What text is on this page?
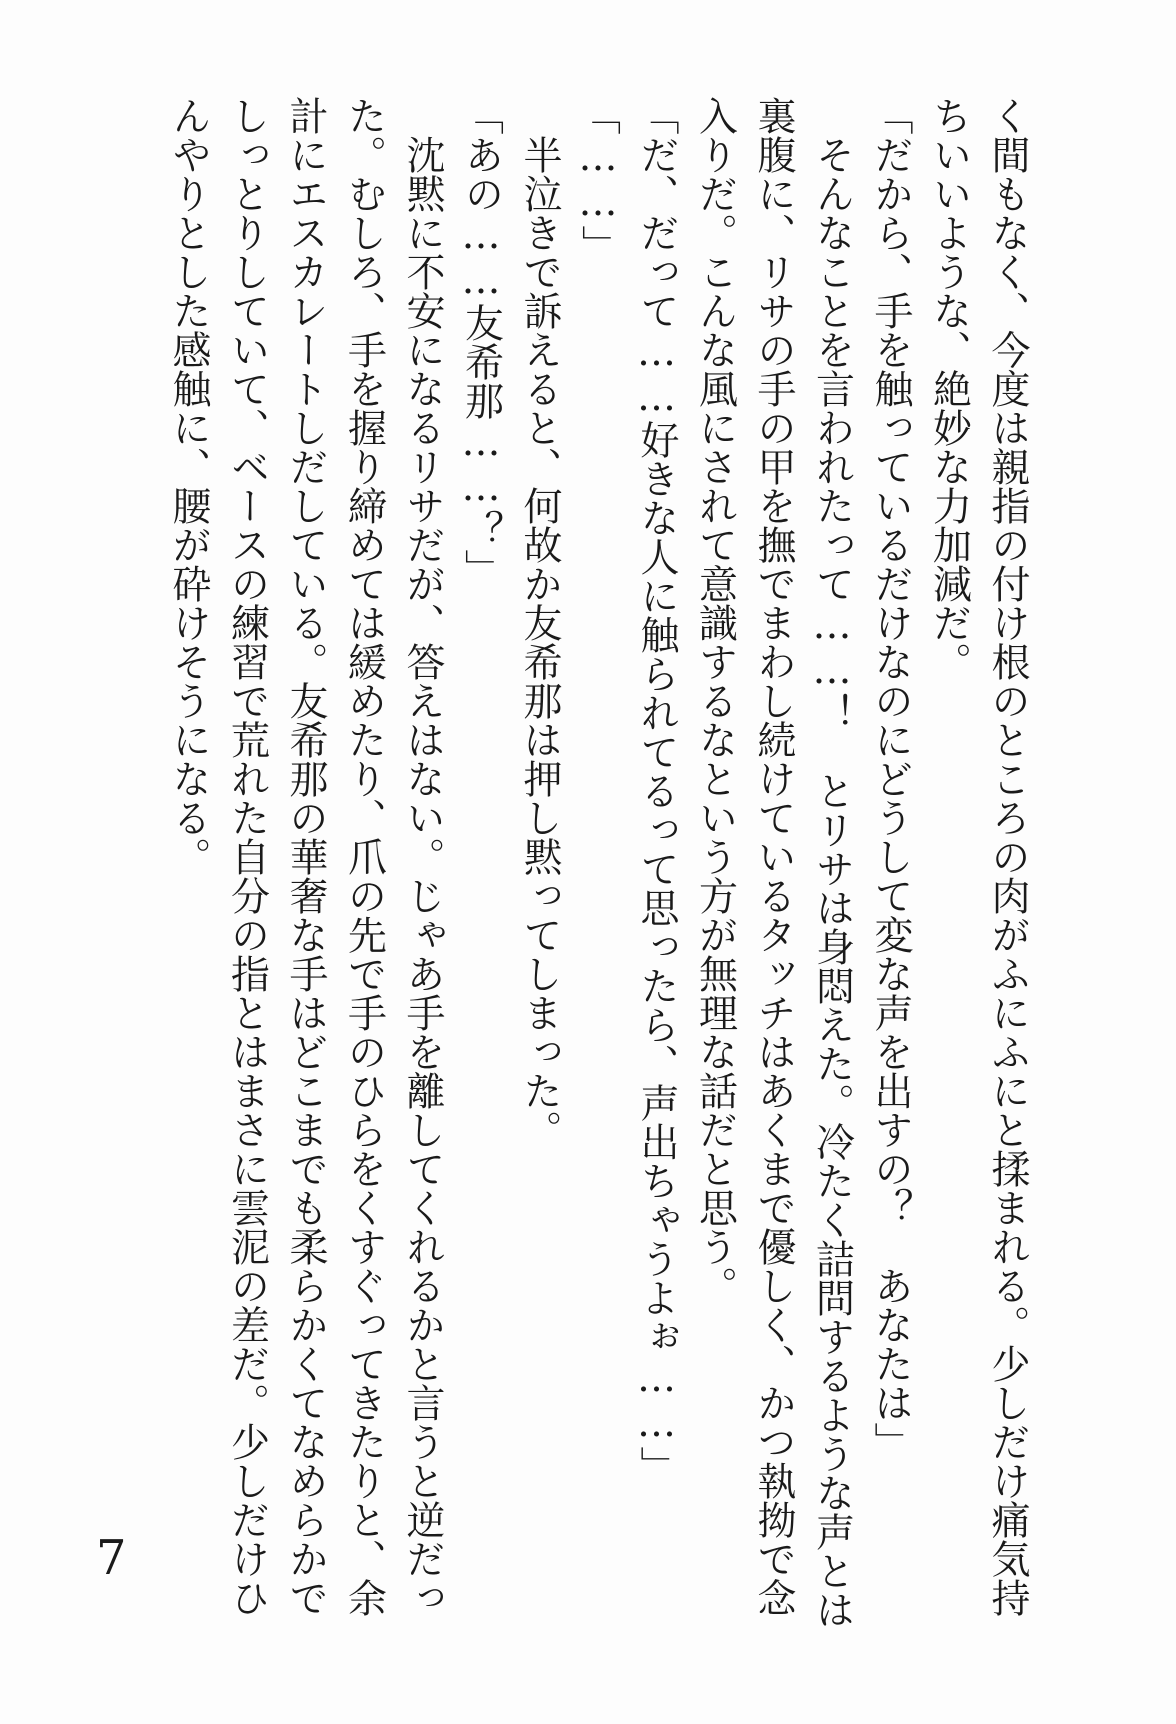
く間もなく、今度は親指の付け根のところの肉がふにふにと揉まれる。少しだけ痛気持
ちいいような、絶妙な力加減だ。
「だから、手を触っているだけなのにどうして変な声を出すの？　あなたは」
　そんなことを言われたって……！　とリサは身悶えた。冷たく詰問するような声とは
裏腹に、リサの手の甲を撫でまわし続けているタッチはあくまで優しく、かつ執拗で念
入りだ。こんな風にされて意識するなという方が無理な話だと思う。
「だ、だって……好きな人に触られてるって思ったら、声出ちゃうよぉ……」
「……」
　半泣きで訴えると、何故か友希那は押し黙ってしまった。
「あの……友希那……？」
　沈黙に不安になるリサだが、答えはない。じゃあ手を離してくれるかと言うと逆だっ
た。むしろ、手を握り締めては緩めたり、爪の先で手のひらをくすぐってきたりと、余
計にエスカレートしだしている。友希那の華奢な手はどこまでも柔らかくてなめらかで
しっとりしていて、ベースの練習で荒れた自分の指とはまさに雲泥の差だ。少しだけひ
んやりとした感触に、腰が砕けそうになる。
7
